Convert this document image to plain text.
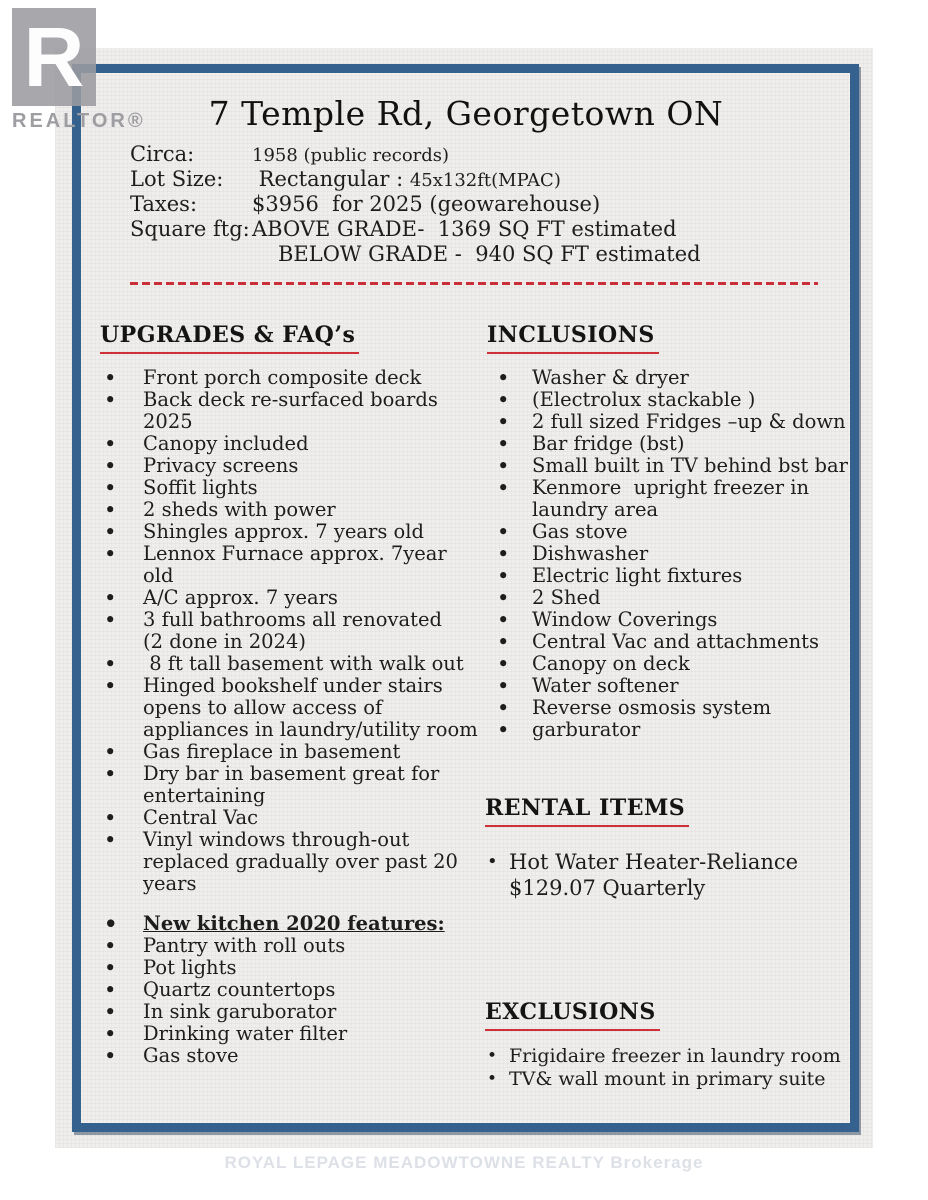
R
REALTOR®	7 Temple Rd, Georgetown ON
Circa:	1958 (public records)
Lot Size: Rectangular : 45x132ft(MPAC)
Taxes:	$3956  for 2025 (geowarehouse)
Square ftg: ABOVE GRADE-  1369 SQ FT estimated
BELOW GRADE -  940 SQ FT estimated
UPGRADES & FAQ’s
• Front porch composite deck
• Back deck re-surfaced boards 2025
• Canopy included
• Privacy screens
• Soffit lights
• 2 sheds with power
• Shingles approx. 7 years old
• Lennox Furnace approx. 7year old
• A/C approx. 7 years
• 3 full bathrooms all renovated
(2 done in 2024)
•  8 ft tall basement with walk out
• Hinged bookshelf under stairs opens to allow access of appliances in laundry/utility room
• Gas fireplace in basement
• Dry bar in basement great for entertaining
• Central Vac
• Vinyl windows through-out replaced gradually over past 20 years
• New kitchen 2020 features:
• Pantry with roll outs
• Pot lights
• Quartz countertops
• In sink garuborator
• Drinking water filter
• Gas stove
INCLUSIONS
• Washer & dryer
• (Electrolux stackable )
• 2 full sized Fridges –up & down
• Bar fridge (bst)
• Small built in TV behind bst bar
• Kenmore  upright freezer in laundry area
• Gas stove
• Dishwasher
• Electric light fixtures
• 2 Shed
• Window Coverings
• Central Vac and attachments
• Canopy on deck
• Water softener
• Reverse osmosis system
• garburator
RENTAL ITEMS
• Hot Water Heater-Reliance $129.07 Quarterly
EXCLUSIONS
• Frigidaire freezer in laundry room
• TV& wall mount in primary suite
ROYAL LEPAGE MEADOWTOWNE REALTY Brokerage
